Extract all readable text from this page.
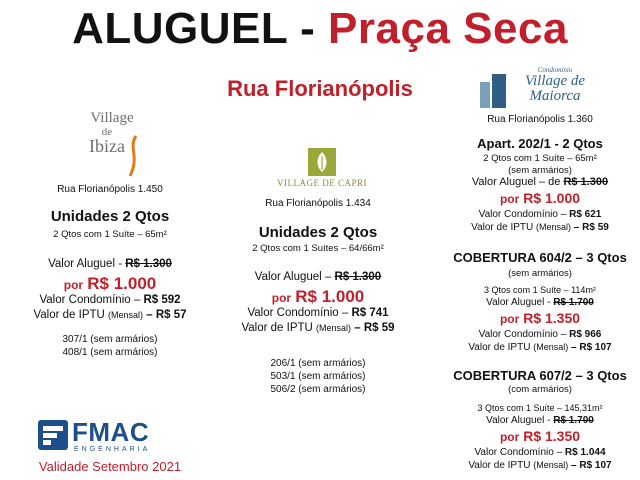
ALUGUEL - Praça Seca
Rua Florianópolis
Village
de
Ibiza
Rua Florianópolis 1.450
Unidades 2 Qtos
2 Qtos com 1 Suíte – 65m²
Valor Aluguel - R$ 1.300
por R$ 1.000
Valor Condomínio – R$ 592
Valor de IPTU (Mensal) – R$ 57
307/1 (sem armários)
408/1 (sem armários)
VILLAGE DE CAPRI
Rua Florianópolis 1.434
Unidades 2 Qtos
2 Qtos com 1 Suítes – 64/66m²
Valor Aluguel – R$ 1.300
por R$ 1.000
Valor Condomínio – R$ 741
Valor de IPTU (Mensal) – R$ 59
206/1 (sem armários)
503/1 (sem armários)
506/2 (sem armários)
Condomínio
Village de
Maiorca
Rua Florianópolis 1.360
Apart. 202/1 - 2 Qtos
2 Qtos com 1 Suíte – 65m²
(sem armários)
Valor Aluguel – de R$ 1.300
por R$ 1.000
Valor Condomínio – R$ 621
Valor de IPTU (Mensal) – R$ 59
COBERTURA 604/2 – 3 Qtos
(sem armários)
3 Qtos com 1 Suíte – 114m²
Valor Aluguel - R$ 1.700
por R$ 1.350
Valor Condomínio – R$ 966
Valor de IPTU (Mensal) – R$ 107
COBERTURA 607/2 – 3 Qtos
(com armários)
3 Qtos com 1 Suíte – 145,31m²
Valor Aluguel - R$ 1.700
por R$ 1.350
Valor Condomínio – R$ 1.044
Valor de IPTU (Mensal) – R$ 107
FMAC
ENGENHARIA
Validade Setembro 2021
